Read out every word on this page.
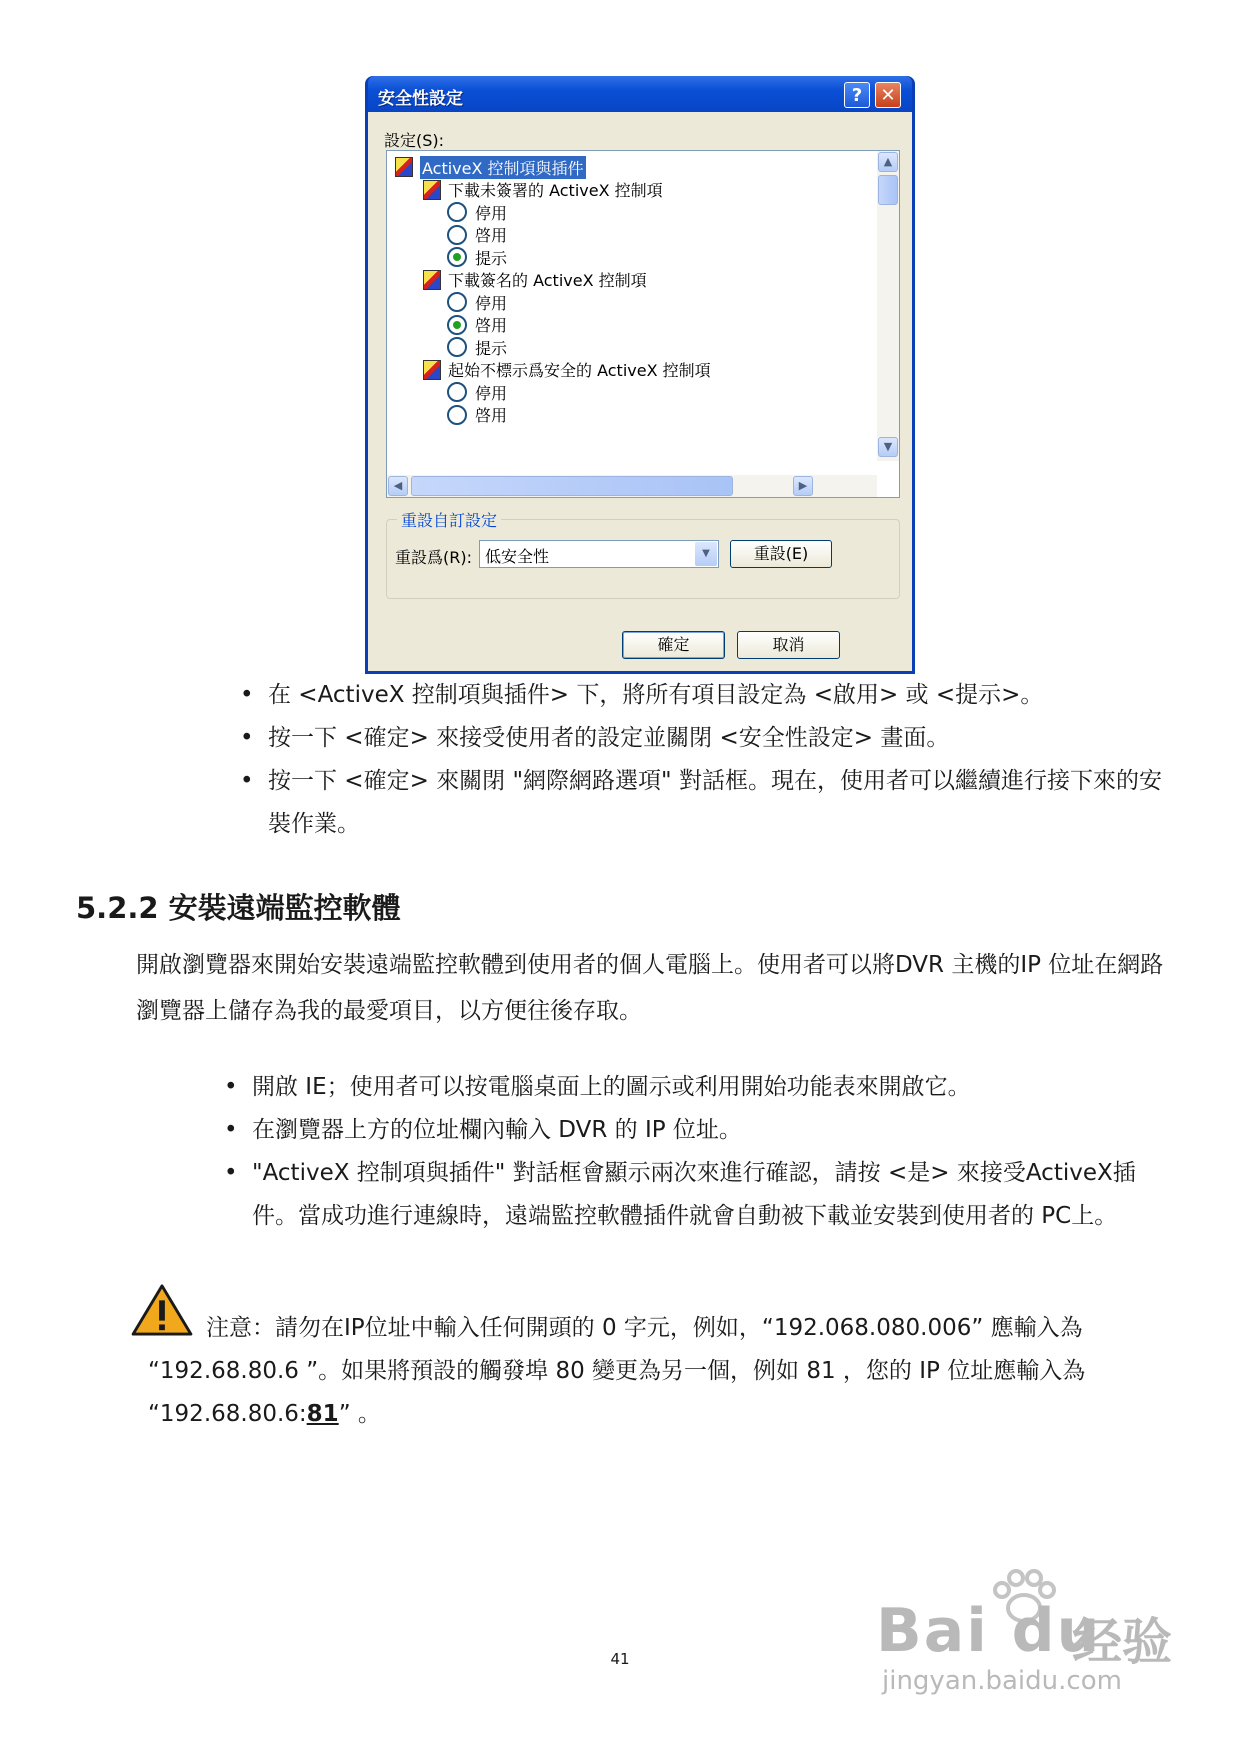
安全性設定	?	✕
設定(S):
ActiveX 控制項與插件
下載未簽署的 ActiveX 控制項
停用
啓用
提示
下載簽名的 ActiveX 控制項
停用
啓用
提示
起始不標示爲安全的 ActiveX 控制項
停用
啓用
▲
▼
◀	▶
重設自訂設定
重設爲(R): 低安全性	▼	重設(E)
確定	取消
• 在 <ActiveX 控制項與插件> 下，將所有項目設定為 <啟用> 或 <提示>。
• 按一下 <確定> 來接受使用者的設定並關閉 <安全性設定> 畫面。
• 按一下 <確定> 來關閉 "網際網路選項" 對話框。現在，使用者可以繼續進行接下來的安裝作業。
5.2.2 安裝遠端監控軟體
開啟瀏覽器來開始安裝遠端監控軟體到使用者的個人電腦上。使用者可以將DVR 主機的IP 位址在網路瀏覽器上儲存為我的最愛項目，以方便往後存取。
• 開啟 IE；使用者可以按電腦桌面上的圖示或利用開始功能表來開啟它。
• 在瀏覽器上方的位址欄內輸入 DVR 的 IP 位址。
• "ActiveX 控制項與插件" 對話框會顯示兩次來進行確認，請按 <是> 來接受ActiveX插件。當成功進行連線時，遠端監控軟體插件就會自動被下載並安裝到使用者的 PC上。
注意：請勿在IP位址中輸入任何開頭的 0 字元，例如，“192.068.080.006” 應輸入為 “192.68.80.6 ”。如果將預設的觸發埠 80 變更為另一個，例如 81 ，您的 IP 位址應輸入為 “192.68.80.6:81” 。
41	Bai du
经验
jingyan.baidu.com
